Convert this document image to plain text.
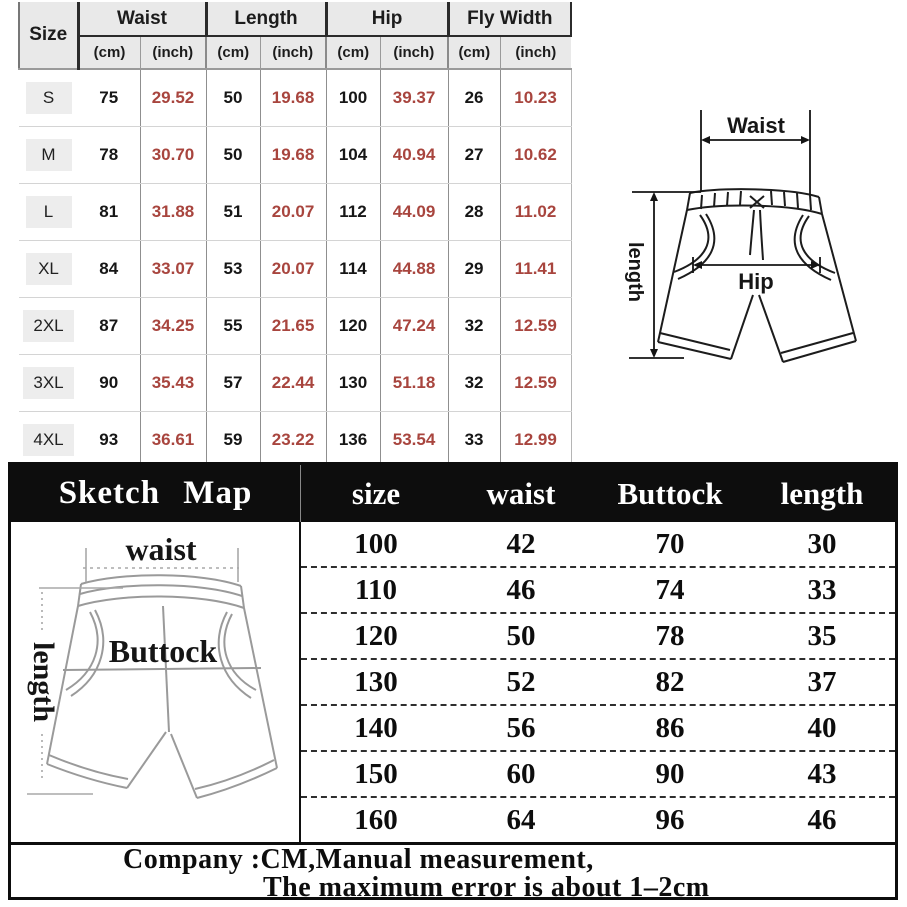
Size	Waist		Length		Hip		Fly Width	
	(cm)	(inch)	(cm)	(inch)	(cm)	(inch)	(cm)	(inch)
S	75	29.52	50	19.68	100	39.37	26	10.23
M	78	30.70	50	19.68	104	40.94	27	10.62
L	81	31.88	51	20.07	112	44.09	28	11.02
XL	84	33.07	53	20.07	114	44.88	29	11.41
2XL	87	34.25	55	21.65	120	47.24	32	12.59
3XL	90	35.43	57	22.44	130	51.18	32	12.59
4XL	93	36.61	59	23.22	136	53.54	33	12.99
Waist
Hip
length
Sketch Map	size	waist	Buttock	length
waist
Buttock
length
100	42	70	30
110	46	74	33
120	50	78	35
130	52	82	37
140	56	86	40
150	60	90	43
160	64	96	46
Company :CM,Manual measurement,
The maximum error is about 1–2cm
